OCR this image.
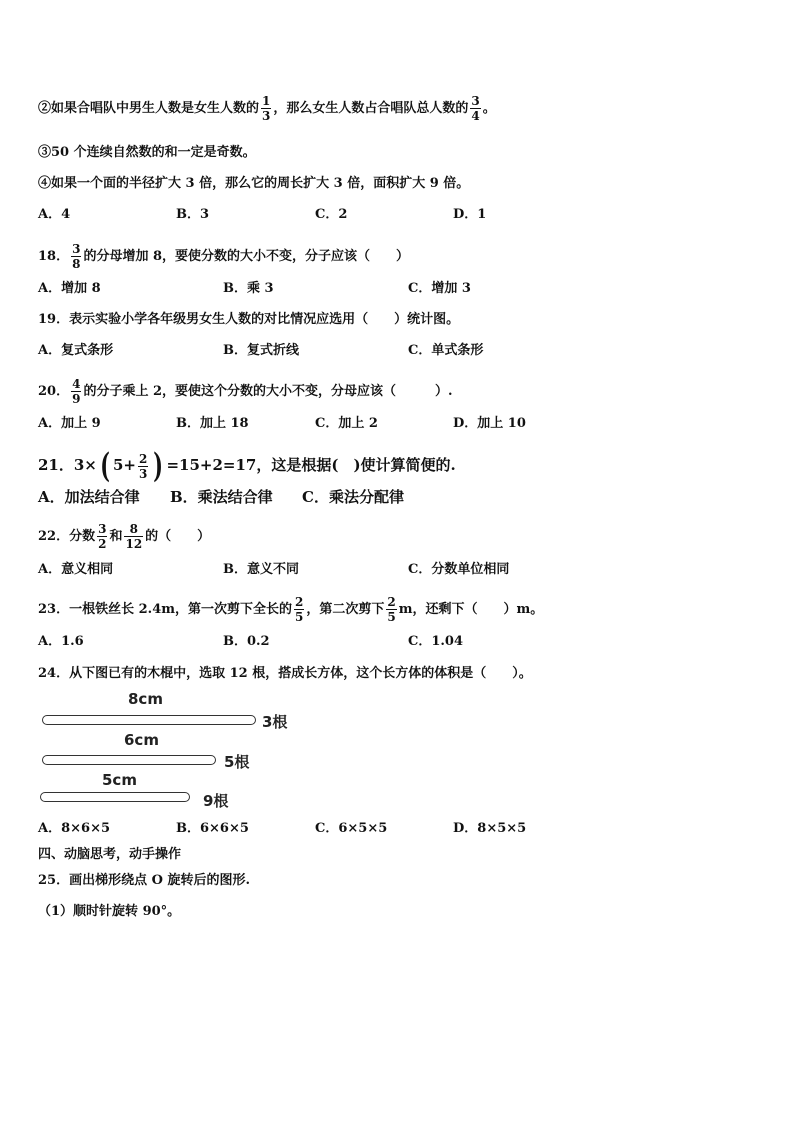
②如果合唱队中男生人数是女生人数的 $\frac{1}{3}$ ，那么女生人数占合唱队总人数的 $\frac{3}{4}$ 。
③50 个连续自然数的和一定是奇数。
④如果一个面的半径扩大 3 倍，那么它的周长扩大 3 倍，面积扩大 9 倍。
A．4	B．3	C．2	D．1
18． $\frac{3}{8}$ 的分母增加 8，要使分数的大小不变，分子应该（　　）
A．增加 8	B．乘 3	C．增加 3
19．表示实验小学各年级男女生人数的对比情况应选用（　　）统计图。
A．复式条形	B．复式折线	C．单式条形
20． $\frac{4}{9}$ 的分子乘上 2，要使这个分数的大小不变，分母应该（　　　）.
A．加上 9	B．加上 18	C．加上 2	D．加上 10
21．3×( $5+ \frac{2}{3}$ ) =15+2=17，这是根据(　)使计算简便的.
A．加法结合律 B．乘法结合律 C．乘法分配律
22．分数 $\frac{3}{2}$ 和 $\frac{8}{12}$ 的（　　）
A．意义相同	B．意义不同	C．分数单位相同
23．一根铁丝长 2.4m，第一次剪下全长的 $\frac{2}{5}$ ，第二次剪下 $\frac{2}{5}$ m，还剩下（　　）m。
A．1.6	B．0.2	C．1.04
24．从下图已有的木棍中，选取 12 根，搭成长方体，这个长方体的体积是（　　）。
8cm
3根
6cm
5根
5cm
9根
A．8×6×5	B．6×6×5	C．6×5×5	D．8×5×5
四、动脑思考，动手操作
25．画出梯形绕点 O 旋转后的图形.
（1）顺时针旋转 90°。
